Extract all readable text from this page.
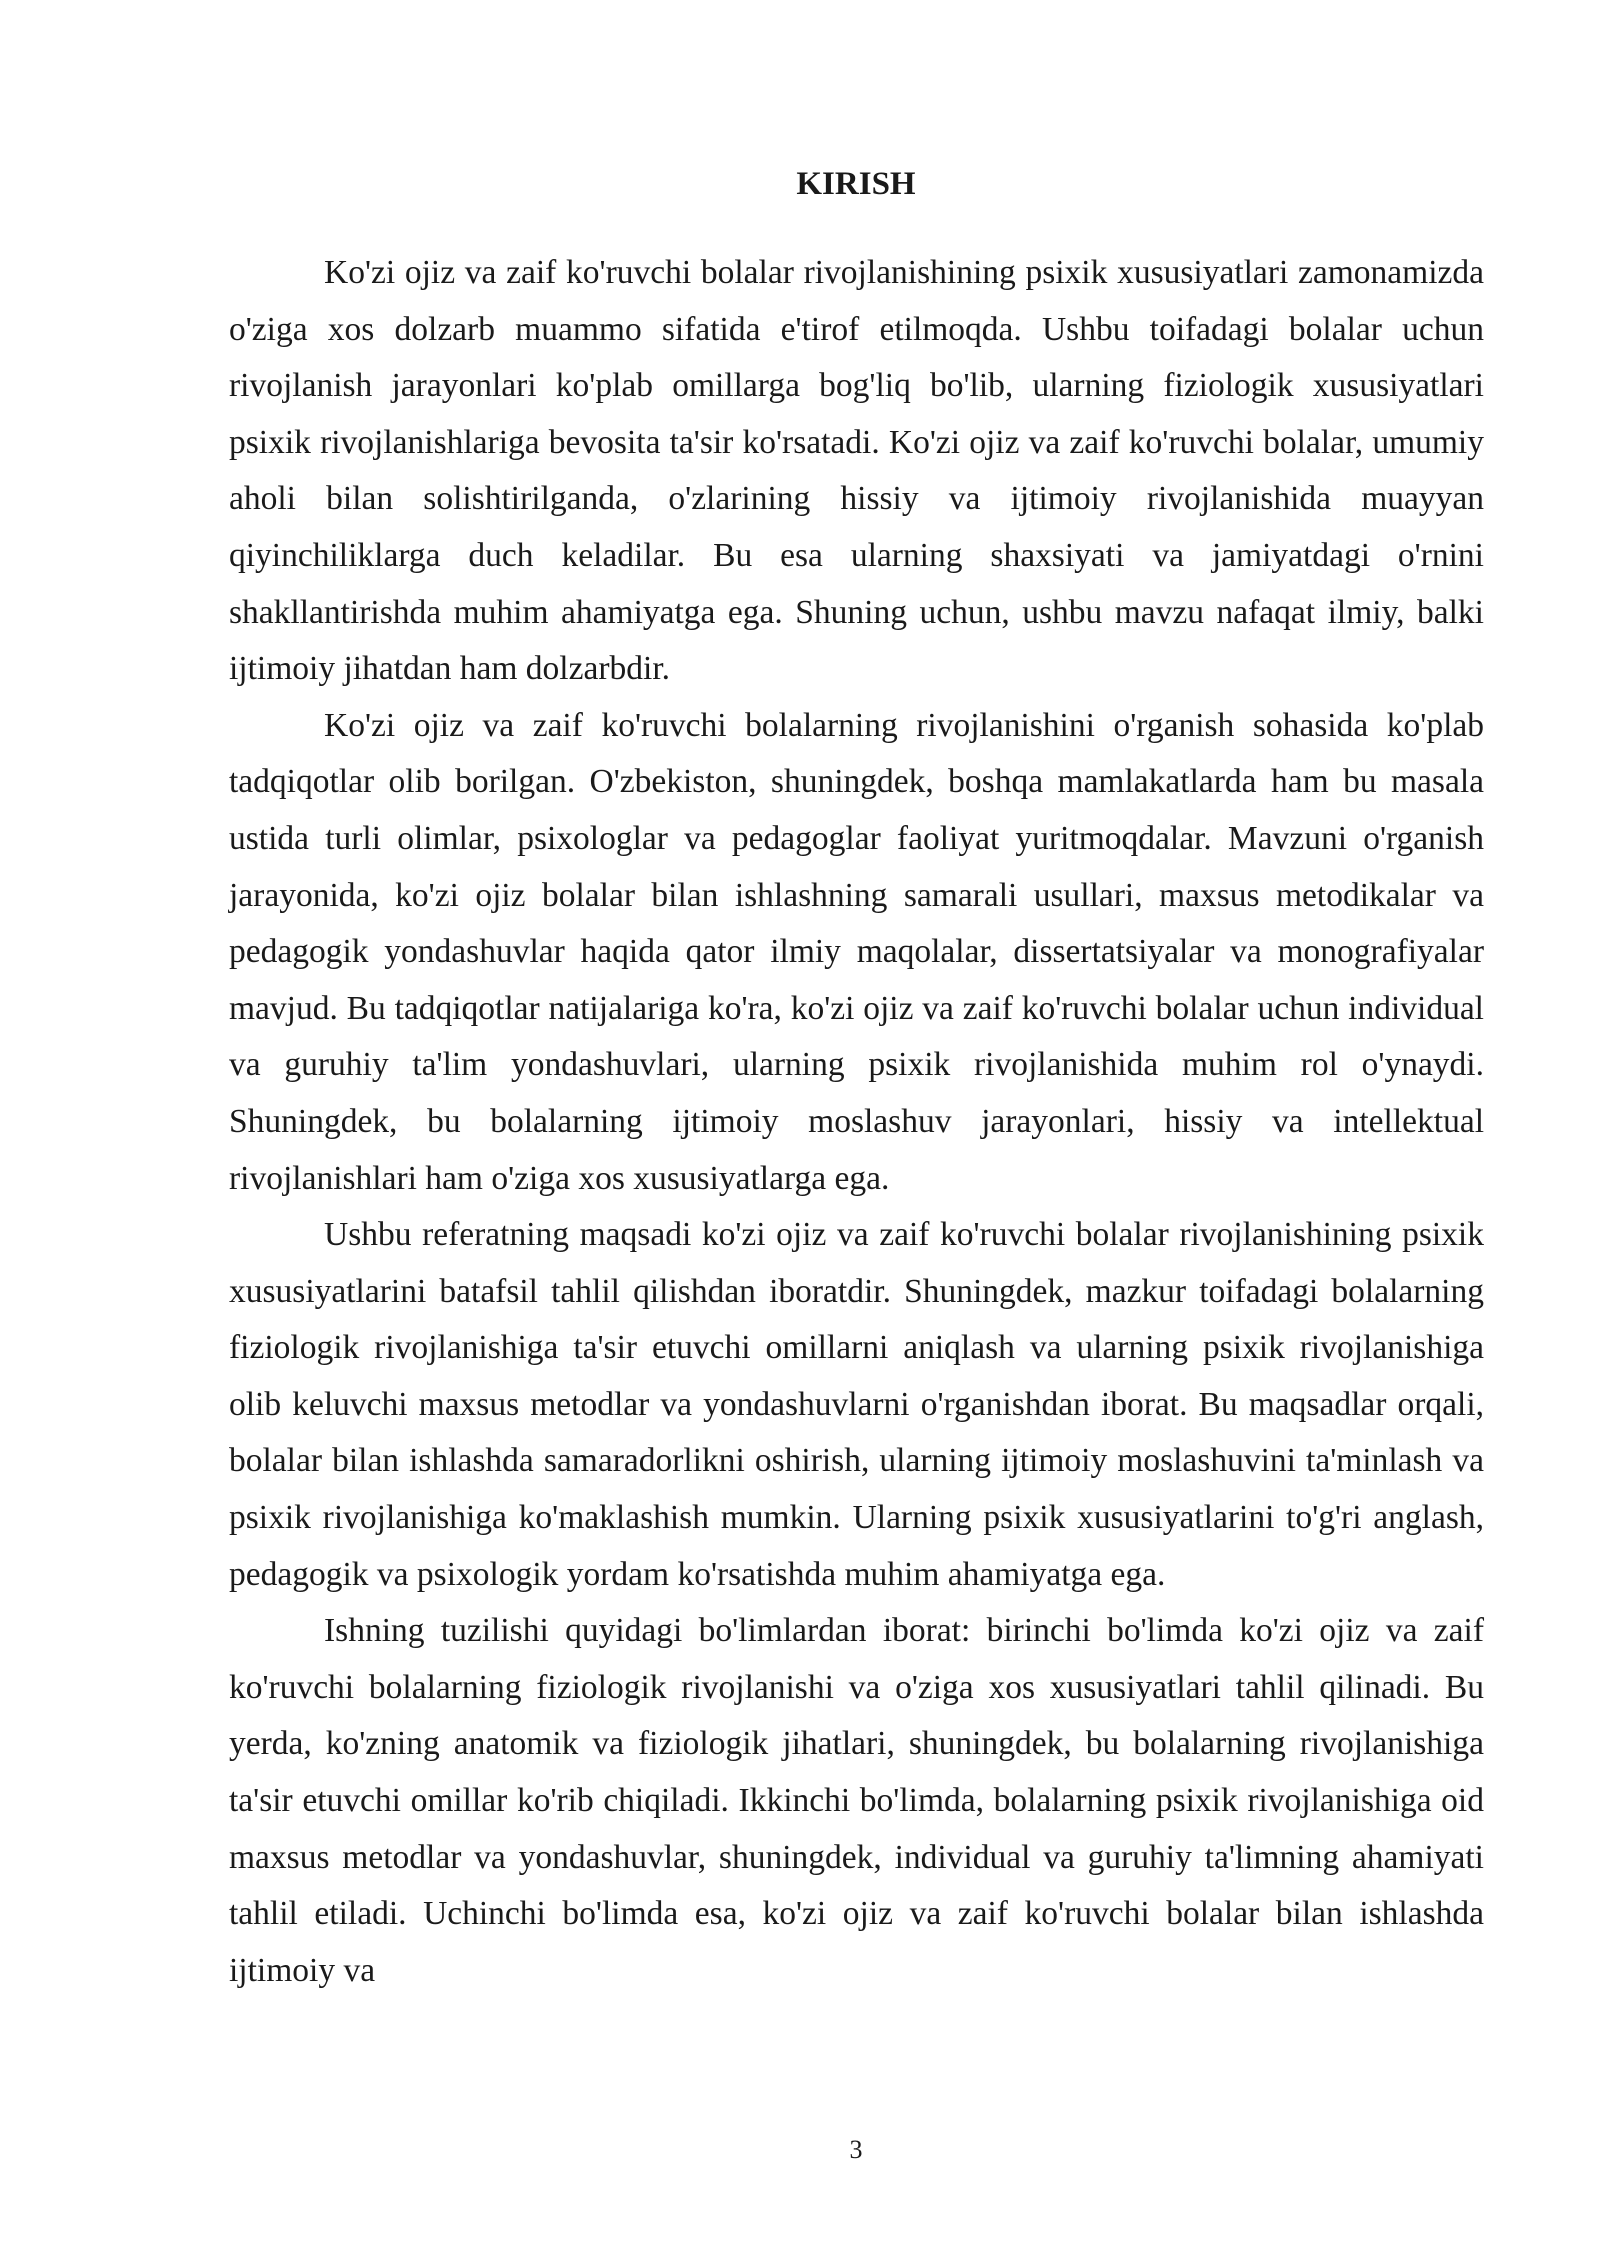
KIRISH

Ko'zi ojiz va zaif ko'ruvchi bolalar rivojlanishining psixik xususiyatlari zamonamizda o'ziga xos dolzarb muammo sifatida e'tirof etilmoqda. Ushbu toifadagi bolalar uchun rivojlanish jarayonlari ko'plab omillarga bog'liq bo'lib, ularning fiziologik xususiyatlari psixik rivojlanishlariga bevosita ta'sir ko'rsatadi. Ko'zi ojiz va zaif ko'ruvchi bolalar, umumiy aholi bilan solishtirilganda, o'zlarining hissiy va ijtimoiy rivojlanishida muayyan qiyinchiliklarga duch keladilar. Bu esa ularning shaxsiyati va jamiyatdagi o'rnini shakllantirishda muhim ahamiyatga ega. Shuning uchun, ushbu mavzu nafaqat ilmiy, balki ijtimoiy jihatdan ham dolzarbdir.

Ko'zi ojiz va zaif ko'ruvchi bolalarning rivojlanishini o'rganish sohasida ko'plab tadqiqotlar olib borilgan. O'zbekiston, shuningdek, boshqa mamlakatlarda ham bu masala ustida turli olimlar, psixologlar va pedagoglar faoliyat yuritmoqdalar. Mavzuni o'rganish jarayonida, ko'zi ojiz bolalar bilan ishlashning samarali usullari, maxsus metodikalar va pedagogik yondashuvlar haqida qator ilmiy maqolalar, dissertatsiyalar va monografiyalar mavjud. Bu tadqiqotlar natijalariga ko'ra, ko'zi ojiz va zaif ko'ruvchi bolalar uchun individual va guruhiy ta'lim yondashuvlari, ularning psixik rivojlanishida muhim rol o'ynaydi. Shuningdek, bu bolalarning ijtimoiy moslashuv jarayonlari, hissiy va intellektual rivojlanishlari ham o'ziga xos xususiyatlarga ega.

Ushbu referatning maqsadi ko'zi ojiz va zaif ko'ruvchi bolalar rivojlanishining psixik xususiyatlarini batafsil tahlil qilishdan iboratdir. Shuningdek, mazkur toifadagi bolalarning fiziologik rivojlanishiga ta'sir etuvchi omillarni aniqlash va ularning psixik rivojlanishiga olib keluvchi maxsus metodlar va yondashuvlarni o'rganishdan iborat. Bu maqsadlar orqali, bolalar bilan ishlashda samaradorlikni oshirish, ularning ijtimoiy moslashuvini ta'minlash va psixik rivojlanishiga ko'maklashish mumkin. Ularning psixik xususiyatlarini to'g'ri anglash, pedagogik va psixologik yordam ko'rsatishda muhim ahamiyatga ega.

Ishning tuzilishi quyidagi bo'limlardan iborat: birinchi bo'limda ko'zi ojiz va zaif ko'ruvchi bolalarning fiziologik rivojlanishi va o'ziga xos xususiyatlari tahlil qilinadi. Bu yerda, ko'zning anatomik va fiziologik jihatlari, shuningdek, bu bolalarning rivojlanishiga ta'sir etuvchi omillar ko'rib chiqiladi. Ikkinchi bo'limda, bolalarning psixik rivojlanishiga oid maxsus metodlar va yondashuvlar, shuningdek, individual va guruhiy ta'limning ahamiyati tahlil etiladi. Uchinchi bo'limda esa, ko'zi ojiz va zaif ko'ruvchi bolalar bilan ishlashda ijtimoiy va

3
